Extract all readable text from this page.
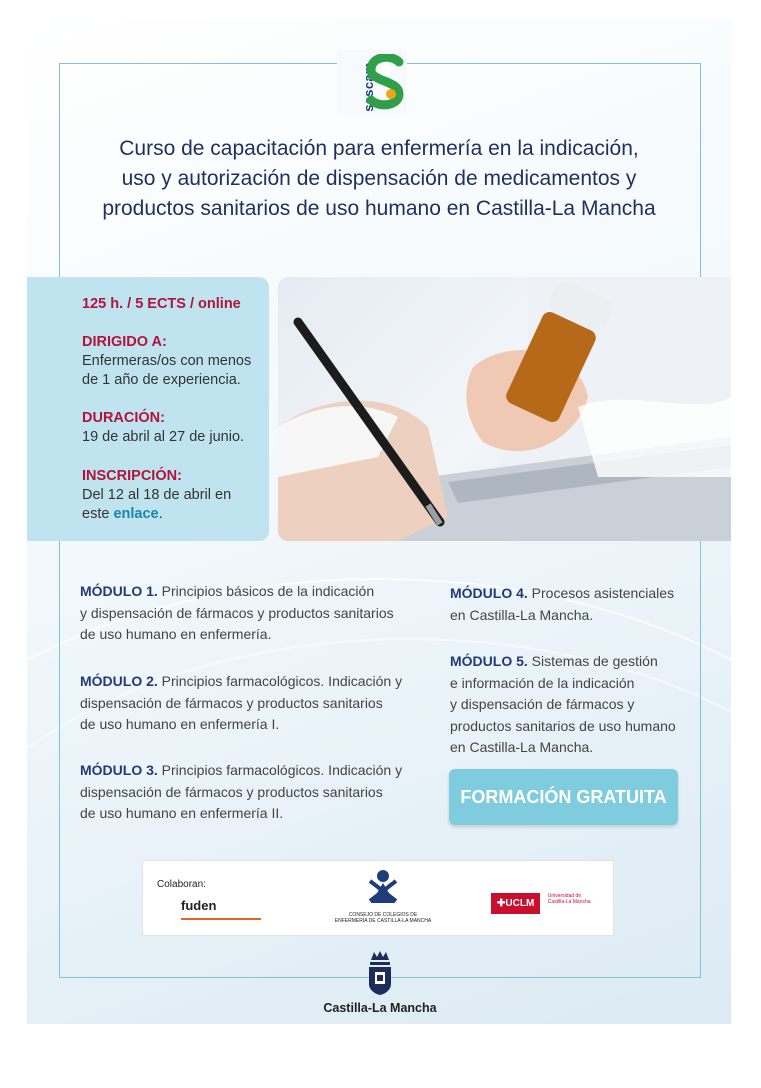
sescam
Curso de capacitación para enfermería en la indicación,
uso y autorización de dispensación de medicamentos y
productos sanitarios de uso humano en Castilla-La Mancha
125 h. / 5 ECTS / online
DIRIGIDO A:
Enfermeras/os con menos
de 1 año de experiencia.
DURACIÓN:
19 de abril al 27 de junio.
INSCRIPCIÓN:
Del 12 al 18 de abril en
este enlace.
MÓDULO 1. Principios básicos de la indicación
y dispensación de fármacos y productos sanitarios
de uso humano en enfermería.
MÓDULO 2. Principios farmacológicos. Indicación y
dispensación de fármacos y productos sanitarios
de uso humano en enfermería I.
MÓDULO 3. Principios farmacológicos. Indicación y
dispensación de fármacos y productos sanitarios
de uso humano en enfermería II.
MÓDULO 4. Procesos asistenciales
en Castilla-La Mancha.
MÓDULO 5. Sistemas de gestión
e información de la indicación
y dispensación de fármacos y
productos sanitarios de uso humano
en Castilla-La Mancha.
FORMACIÓN GRATUITA
Colaboran:
fuden
CONSEJO DE COLEGIOS DE
ENFERMERÍA DE CASTILLA-LA MANCHA
✚UCLM
Universidad de
Castilla-La Mancha
Castilla-La Mancha
